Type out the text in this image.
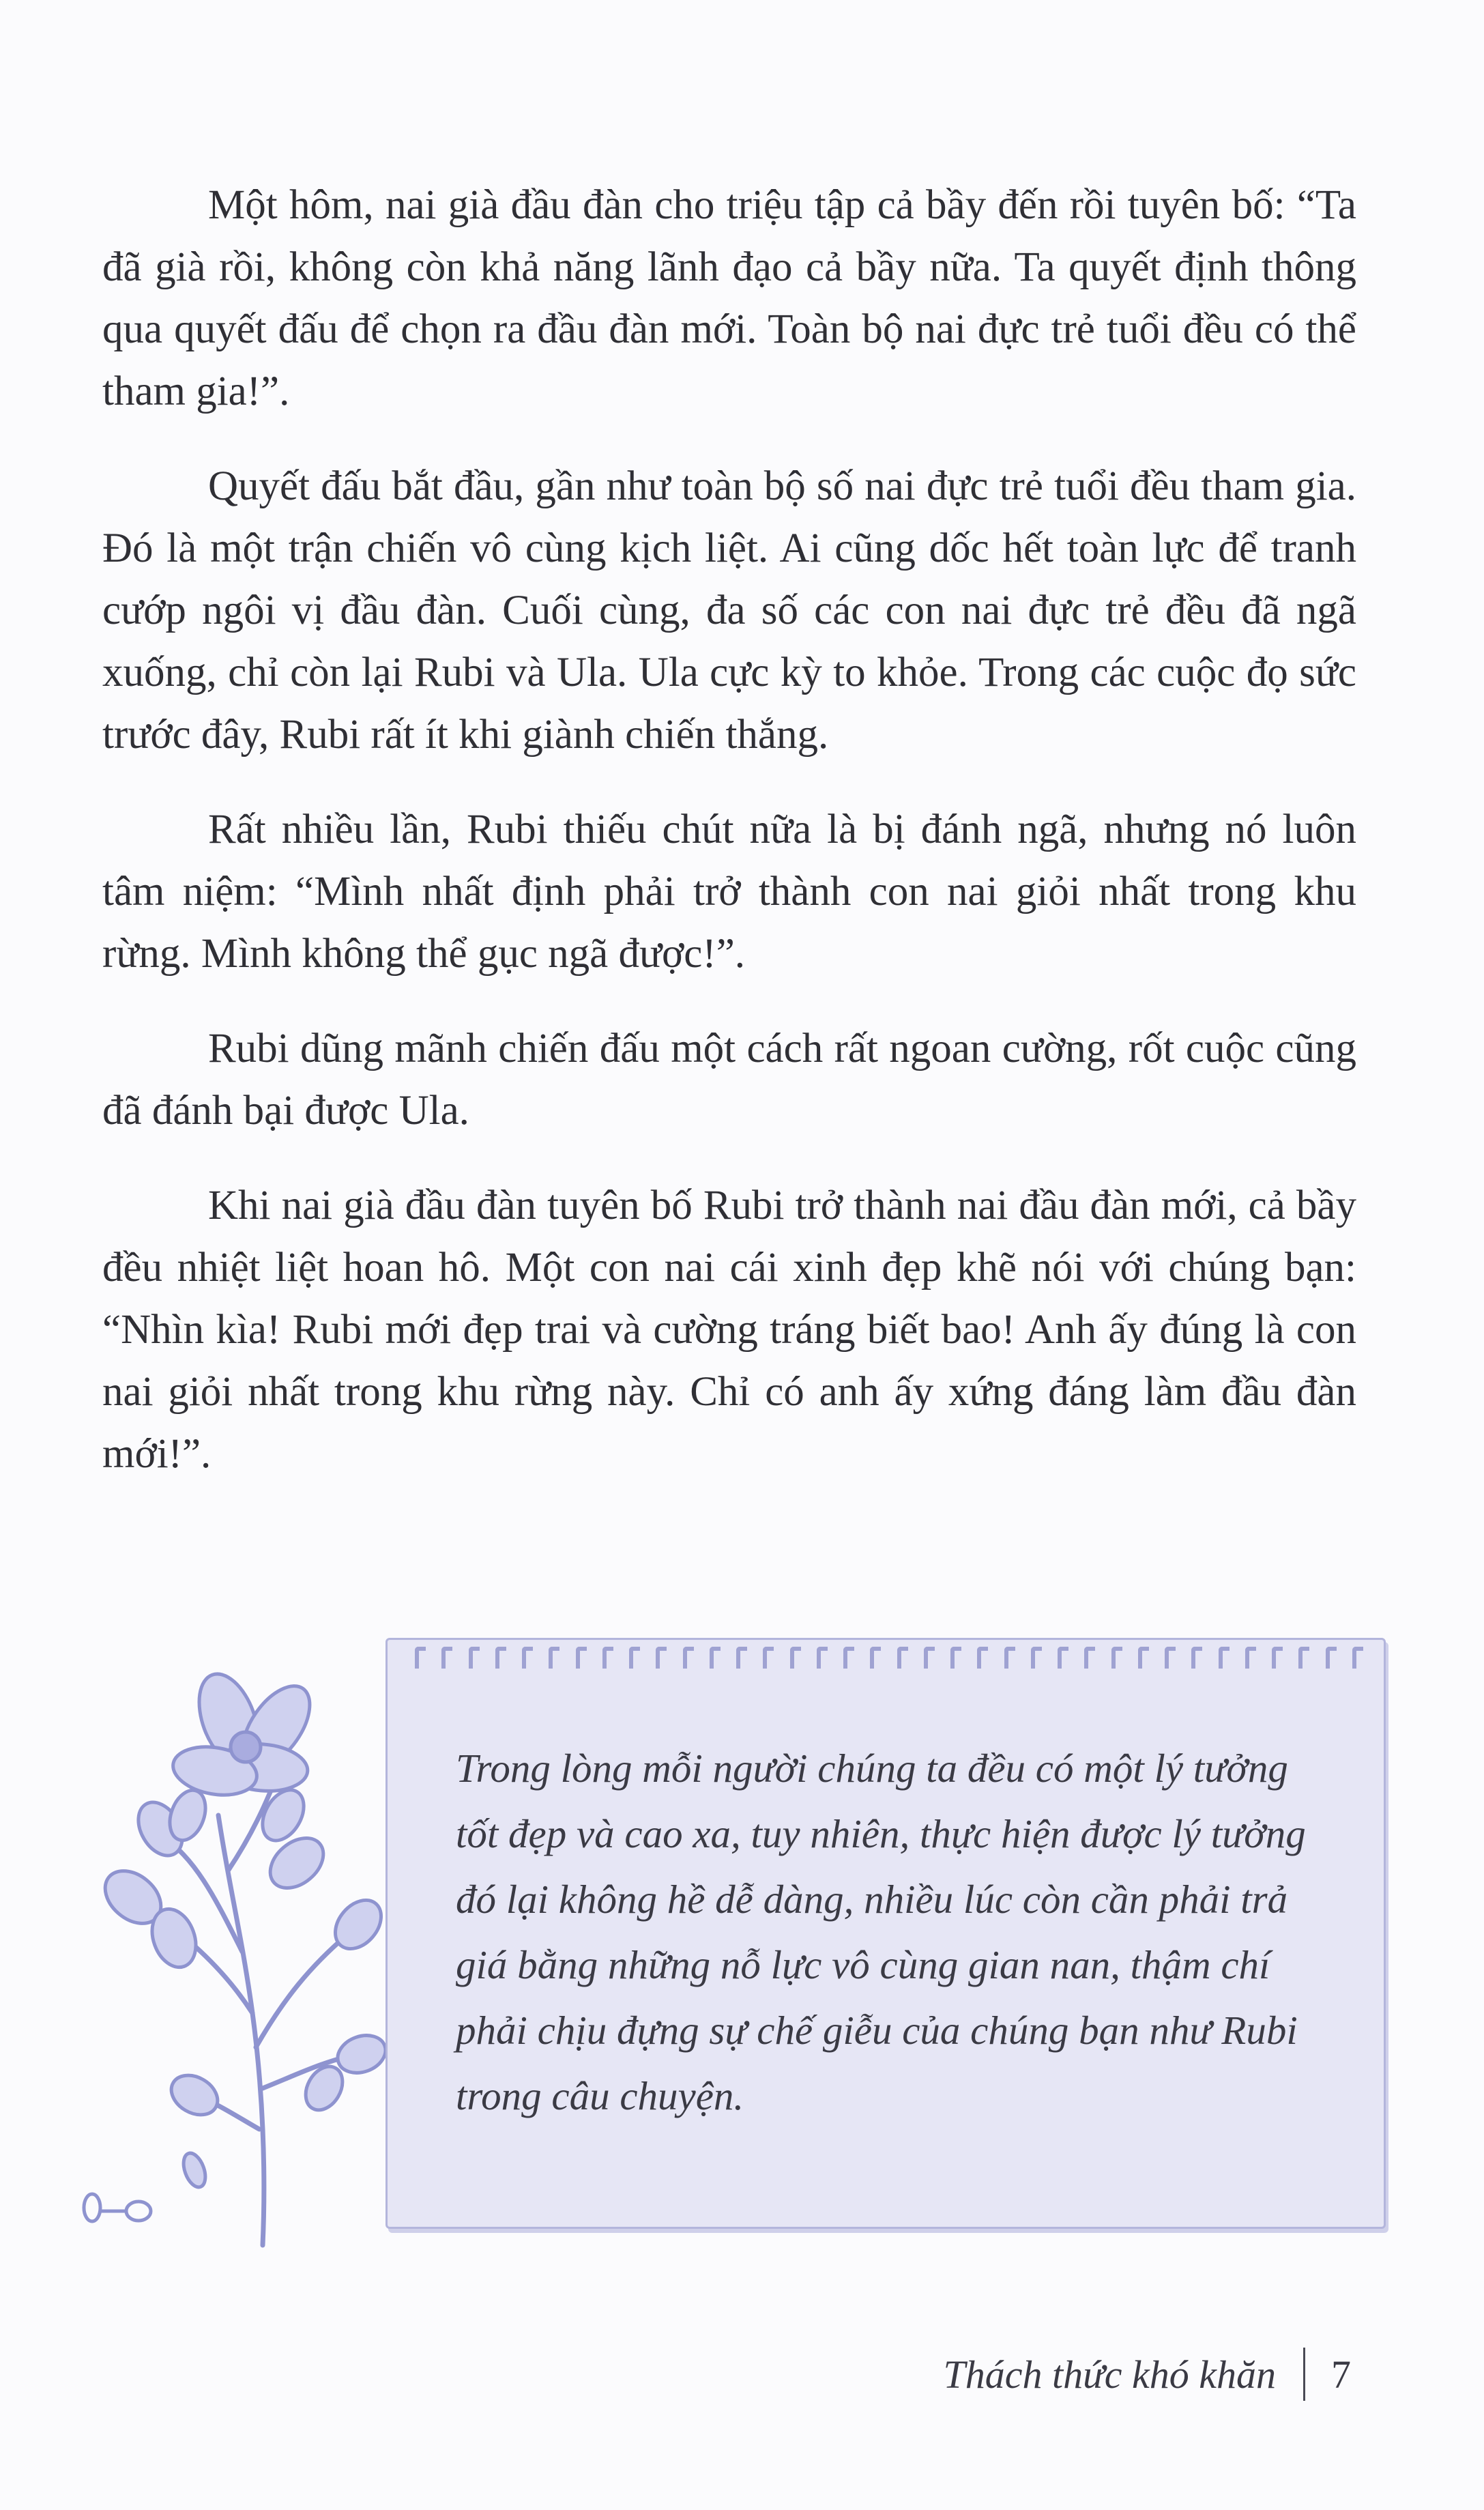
Một hôm, nai già đầu đàn cho triệu tập cả bầy đến rồi tuyên bố: “Ta đã già rồi, không còn khả năng lãnh đạo cả bầy nữa. Ta quyết định thông qua quyết đấu để chọn ra đầu đàn mới. Toàn bộ nai đực trẻ tuổi đều có thể tham gia!”.

Quyết đấu bắt đầu, gần như toàn bộ số nai đực trẻ tuổi đều tham gia. Đó là một trận chiến vô cùng kịch liệt. Ai cũng dốc hết toàn lực để tranh cướp ngôi vị đầu đàn. Cuối cùng, đa số các con nai đực trẻ đều đã ngã xuống, chỉ còn lại Rubi và Ula. Ula cực kỳ to khỏe. Trong các cuộc đọ sức trước đây, Rubi rất ít khi giành chiến thắng.

Rất nhiều lần, Rubi thiếu chút nữa là bị đánh ngã, nhưng nó luôn tâm niệm: “Mình nhất định phải trở thành con nai giỏi nhất trong khu rừng. Mình không thể gục ngã được!”.

Rubi dũng mãnh chiến đấu một cách rất ngoan cường, rốt cuộc cũng đã đánh bại được Ula.

Khi nai già đầu đàn tuyên bố Rubi trở thành nai đầu đàn mới, cả bầy đều nhiệt liệt hoan hô. Một con nai cái xinh đẹp khẽ nói với chúng bạn: “Nhìn kìa! Rubi mới đẹp trai và cường tráng biết bao! Anh ấy đúng là con nai giỏi nhất trong khu rừng này. Chỉ có anh ấy xứng đáng làm đầu đàn mới!”.

Trong lòng mỗi người chúng ta đều có một lý tưởng tốt đẹp và cao xa, tuy nhiên, thực hiện được lý tưởng đó lại không hề dễ dàng, nhiều lúc còn cần phải trả giá bằng những nỗ lực vô cùng gian nan, thậm chí phải chịu đựng sự chế giễu của chúng bạn như Rubi trong câu chuyện.

Thách thức khó khăn 7
